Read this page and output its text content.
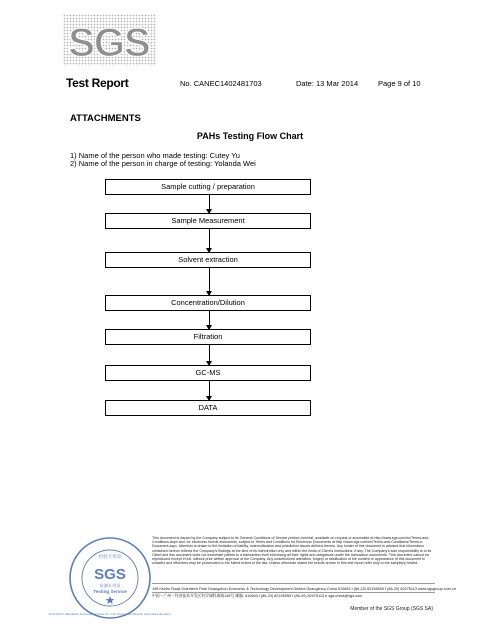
SGS
Test Report	No. CANEC1402481703	Date: 13 Mar 2014	Page 9 of 10
ATTACHMENTS
PAHs Testing Flow Chart
1) Name of the person who made testing: Cutey Yu
2) Name of the person in charge of testing: Yolanda Wei
Sample cutting / preparation
Sample Measurement
Solvent extraction
Concentration/Dilution
Filtration
GC-MS
DATA
检验专用章
SGS
检测专用章
Testing Service
SGS-CSTC Standards Technical Services Co., Ltd. Guangzhou Branch Chemical Laboratory
This document is issued by the Company subject to its General Conditions of Service printed overleaf, available on request or accessible at http://www.sgs.com/en/Terms-and-Conditions.aspx and, for electronic format documents, subject to Terms and Conditions for Electronic Documents at http://www.sgs.com/en/Terms-and-Conditions/Terms-e-Document.aspx. Attention is drawn to the limitation of liability, indemnification and jurisdiction issues defined therein. Any holder of this document is advised that information contained hereon reflects the Company's findings at the time of its intervention only and within the limits of Client's instructions, if any. The Company's sole responsibility is to its Client and this document does not exonerate parties to a transaction from exercising all their rights and obligations under the transaction documents. This document cannot be reproduced except in full, without prior written approval of the Company. Any unauthorized alteration, forgery or falsification of the content or appearance of this document is unlawful and offenders may be prosecuted to the fullest extent of the law. Unless otherwise stated the results shown in this test report refer only to the sample(s) tested .
198 Kezhu Road,Scientech Park Guangzhou Economic & Technology Development District,Guangzhou,China 510663 t (86-20) 82155555 f (86-20) 82075113 www.sgsgroup.com.cn
中国・广州・经济技术开发区科学城科珠路198号 邮编: 510663 t (86-20) 82155555 f (86-20) 82075113 e sgs.china@sgs.com
Member of the SGS Group (SGS SA)
